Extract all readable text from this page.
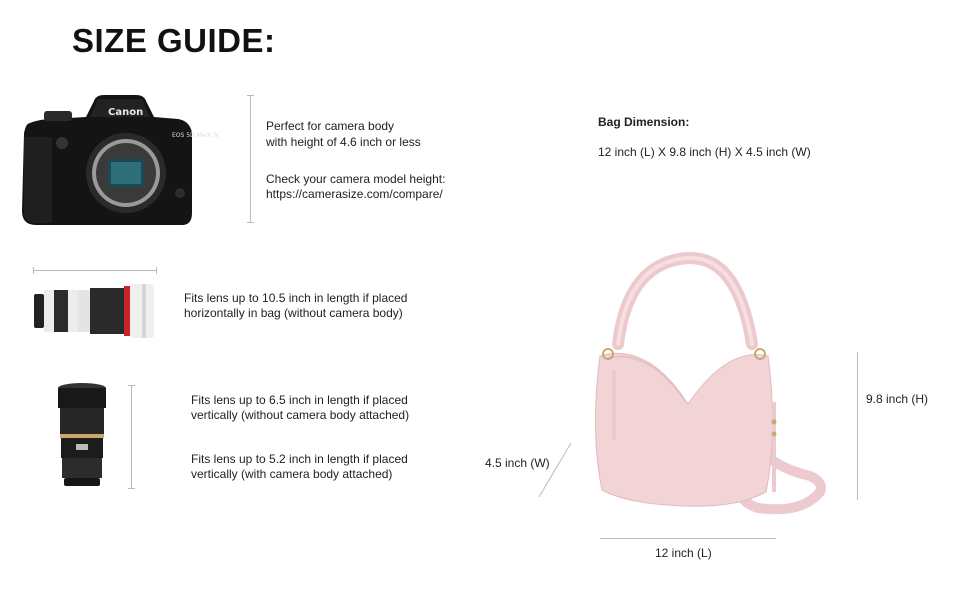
SIZE GUIDE:
Canon
EOS 5D Mark IV
Perfect for camera body
with height of 4.6 inch or less
Check your camera model height:
https://camerasize.com/compare/
Fits lens up to 10.5 inch in length if placed
horizontally in bag (without camera body)
Fits lens up to 6.5 inch in length if placed
vertically (without camera body attached)
Fits lens up to 5.2 inch in length if placed
vertically (with camera body attached)
Bag Dimension:
12 inch (L) X 9.8 inch (H) X 4.5 inch (W)
9.8 inch (H)
4.5 inch (W)
12 inch (L)
